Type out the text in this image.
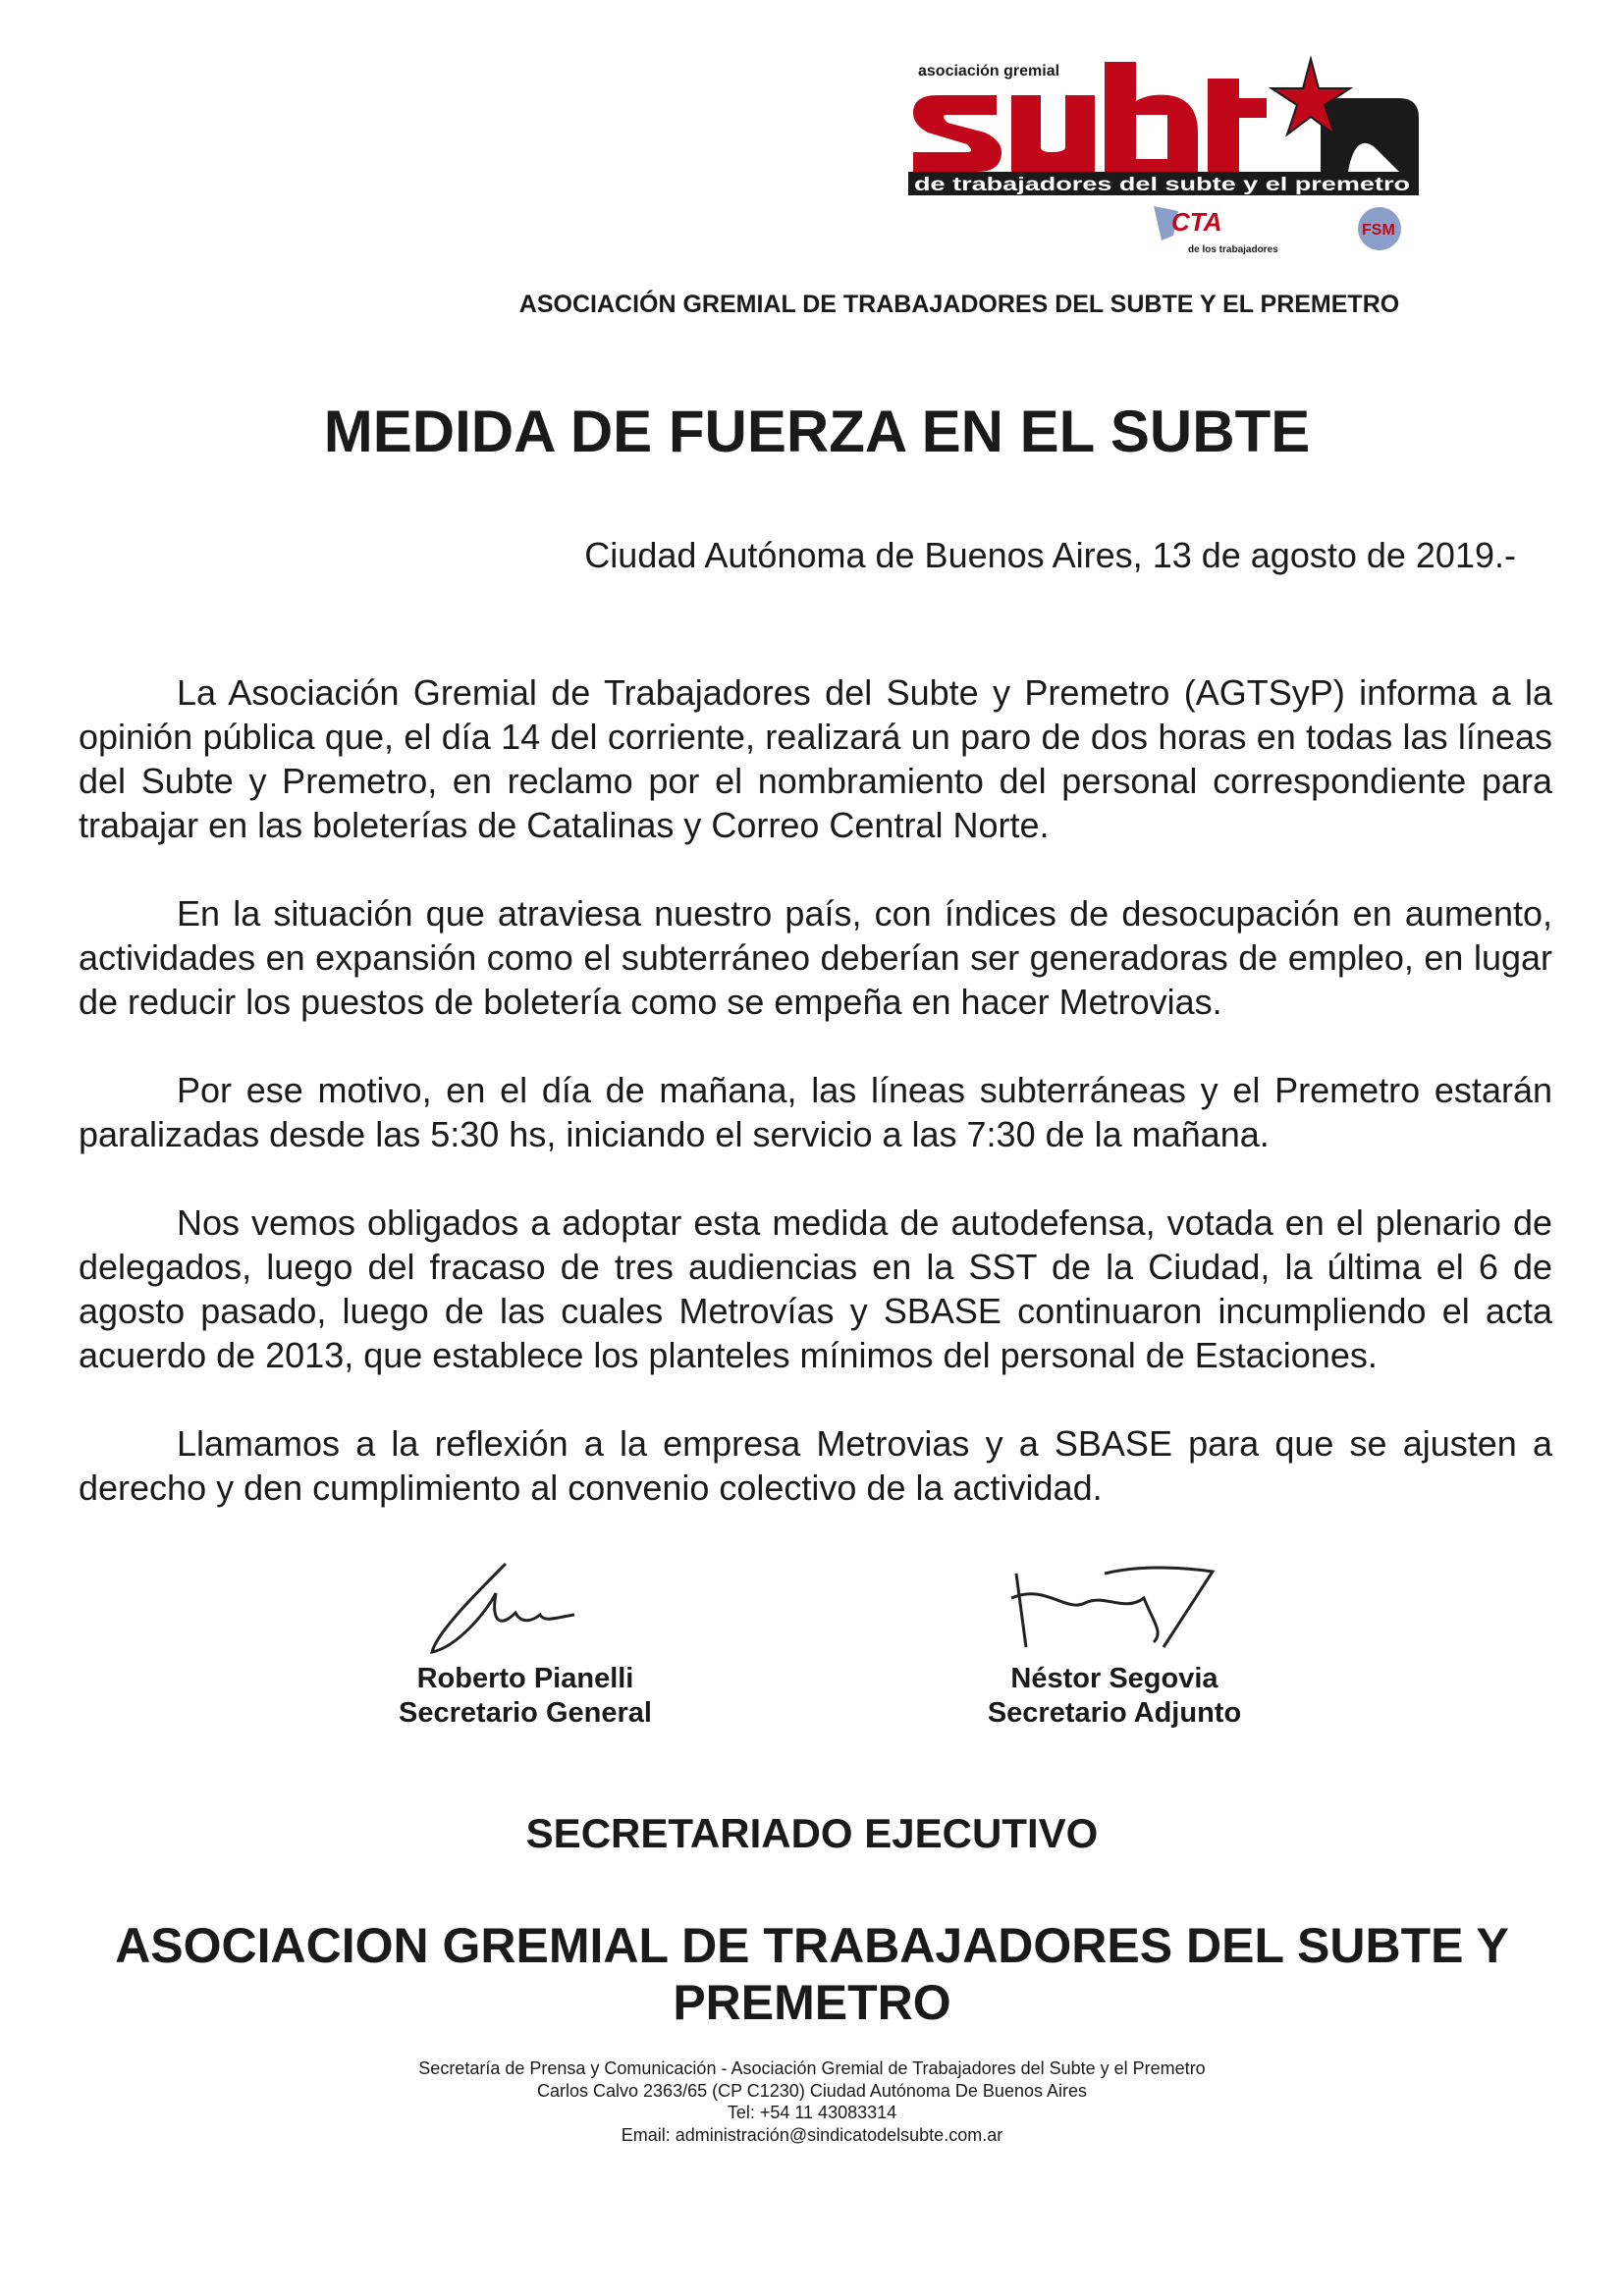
asociación gremial
de trabajadores del subte y el premetro
CTA
de los trabajadores
FSM
ASOCIACIÓN GREMIAL DE TRABAJADORES DEL SUBTE Y EL PREMETRO
MEDIDA DE FUERZA EN EL SUBTE
Ciudad Autónoma de Buenos Aires, 13 de agosto de 2019.-

La Asociación Gremial de Trabajadores del Subte y Premetro (AGTSyP) informa a la opinión pública que, el día 14 del corriente, realizará un paro de dos horas en todas las líneas del Subte y Premetro, en reclamo por el nombramiento del personal correspondiente para trabajar en las boleterías de Catalinas y Correo Central Norte.

En la situación que atraviesa nuestro país, con índices de desocupación en aumento, actividades en expansión como el subterráneo deberían ser generadoras de empleo, en lugar de reducir los puestos de boletería como se empeña en hacer Metrovias.

Por ese motivo, en el día de mañana, las líneas subterráneas y el Premetro estarán paralizadas desde las 5:30 hs, iniciando el servicio a las 7:30 de la mañana.

Nos vemos obligados a adoptar esta medida de autodefensa, votada en el plenario de delegados, luego del fracaso de tres audiencias en la SST de la Ciudad, la última el 6 de agosto pasado, luego de las cuales Metrovías y SBASE continuaron incumpliendo el acta acuerdo de 2013, que establece los planteles mínimos del personal de Estaciones.

Llamamos a la reflexión a la empresa Metrovias y a SBASE para que se ajusten a derecho y den cumplimiento al convenio colectivo de la actividad.

Roberto Pianelli
Secretario General
Néstor Segovia
Secretario Adjunto
SECRETARIADO EJECUTIVO
ASOCIACION GREMIAL DE TRABAJADORES DEL SUBTE Y PREMETRO
Secretaría de Prensa y Comunicación - Asociación Gremial de Trabajadores del Subte y el Premetro
Carlos Calvo 2363/65 (CP C1230) Ciudad Autónoma De Buenos Aires
Tel: +54 11 43083314
Email: administración@sindicatodelsubte.com.ar
